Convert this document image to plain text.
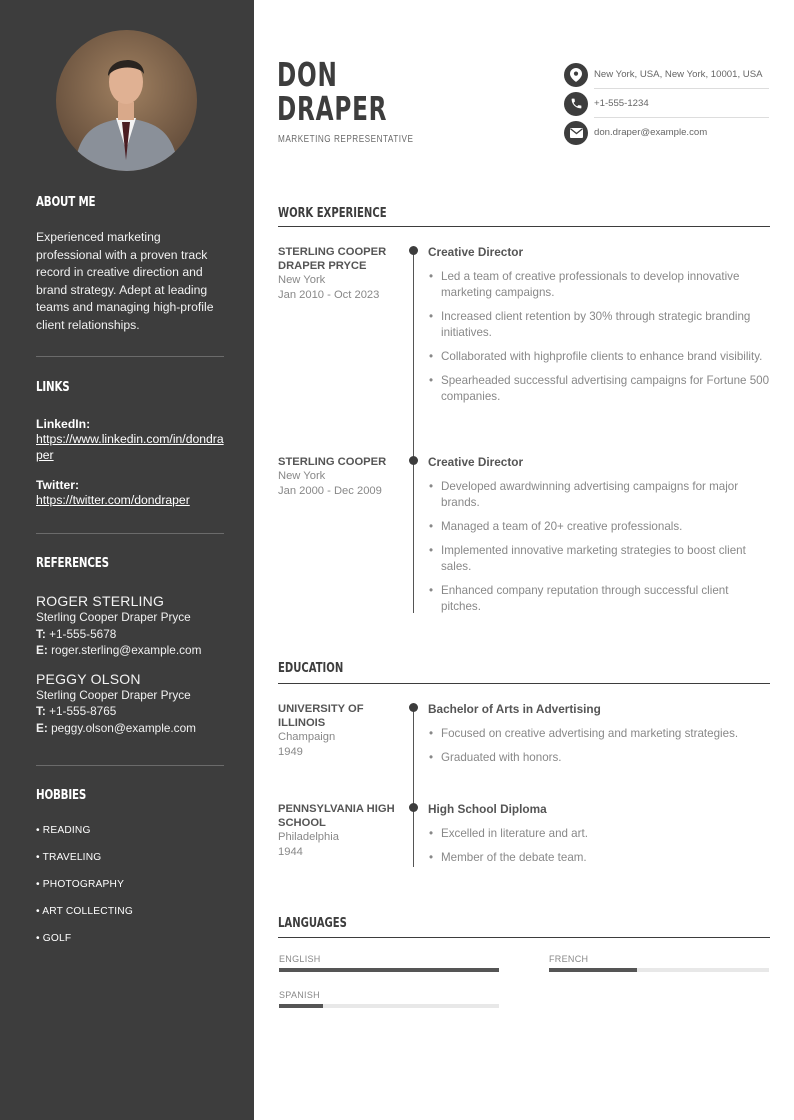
ABOUT ME
Experienced marketing professional with a proven track record in creative direction and brand strategy. Adept at leading teams and managing high-profile client relationships.
LINKS
LinkedIn:
https://www.linkedin.com/in/dondraper
Twitter:
https://twitter.com/dondraper
REFERENCES
ROGER STERLING
Sterling Cooper Draper Pryce
T: +1-555-5678
E: roger.sterling@example.com
PEGGY OLSON
Sterling Cooper Draper Pryce
T: +1-555-8765
E: peggy.olson@example.com
HOBBIES
• READING
• TRAVELING
• PHOTOGRAPHY
• ART COLLECTING
• GOLF
DON
DRAPER
MARKETING REPRESENTATIVE
New York, USA, New York, 10001, USA
+1-555-1234
don.draper@example.com
WORK EXPERIENCE
STERLING COOPER DRAPER PRYCE
New York
Jan 2010 - Oct 2023
Creative Director
• Led a team of creative professionals to develop innovative marketing campaigns.
• Increased client retention by 30% through strategic branding initiatives.
• Collaborated with highprofile clients to enhance brand visibility.
• Spearheaded successful advertising campaigns for Fortune 500 companies.
STERLING COOPER
New York
Jan 2000 - Dec 2009
Creative Director
• Developed awardwinning advertising campaigns for major brands.
• Managed a team of 20+ creative professionals.
• Implemented innovative marketing strategies to boost client sales.
• Enhanced company reputation through successful client pitches.
EDUCATION
UNIVERSITY OF ILLINOIS
Champaign
1949
Bachelor of Arts in Advertising
• Focused on creative advertising and marketing strategies.
• Graduated with honors.
PENNSYLVANIA HIGH SCHOOL
Philadelphia
1944
High School Diploma
• Excelled in literature and art.
• Member of the debate team.
LANGUAGES
ENGLISH	FRENCH
SPANISH
